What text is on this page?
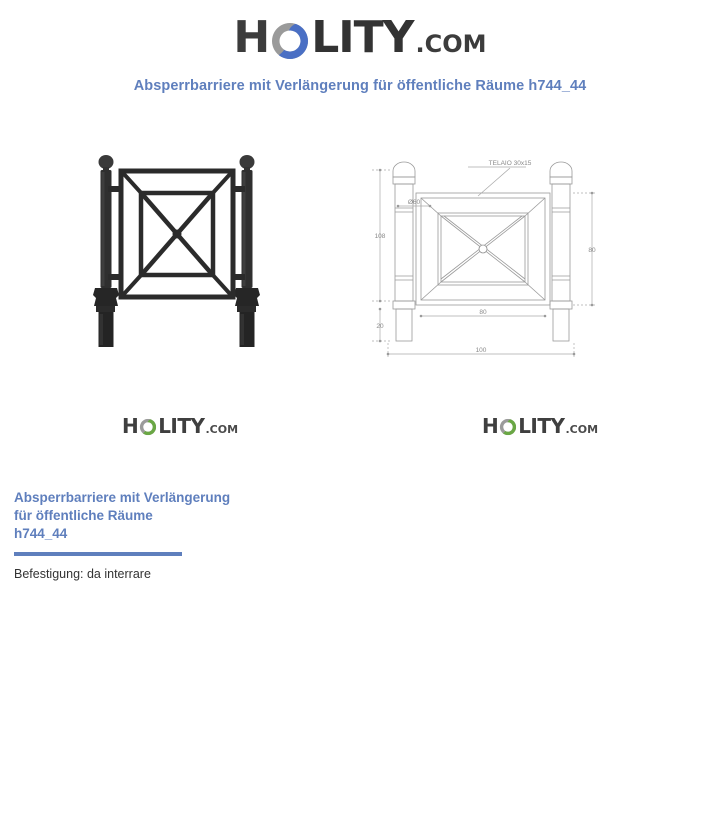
H LITY .COM
Absperrbarriere mit Verlängerung für öffentliche Räume h744_44
H LITY .COM
TELAIO 30x15
108
Ø60
20
80
80
100
H LITY .COM
Absperrbarriere mit Verlängerung
für öffentliche Räume
h744_44
Befestigung: da interrare
